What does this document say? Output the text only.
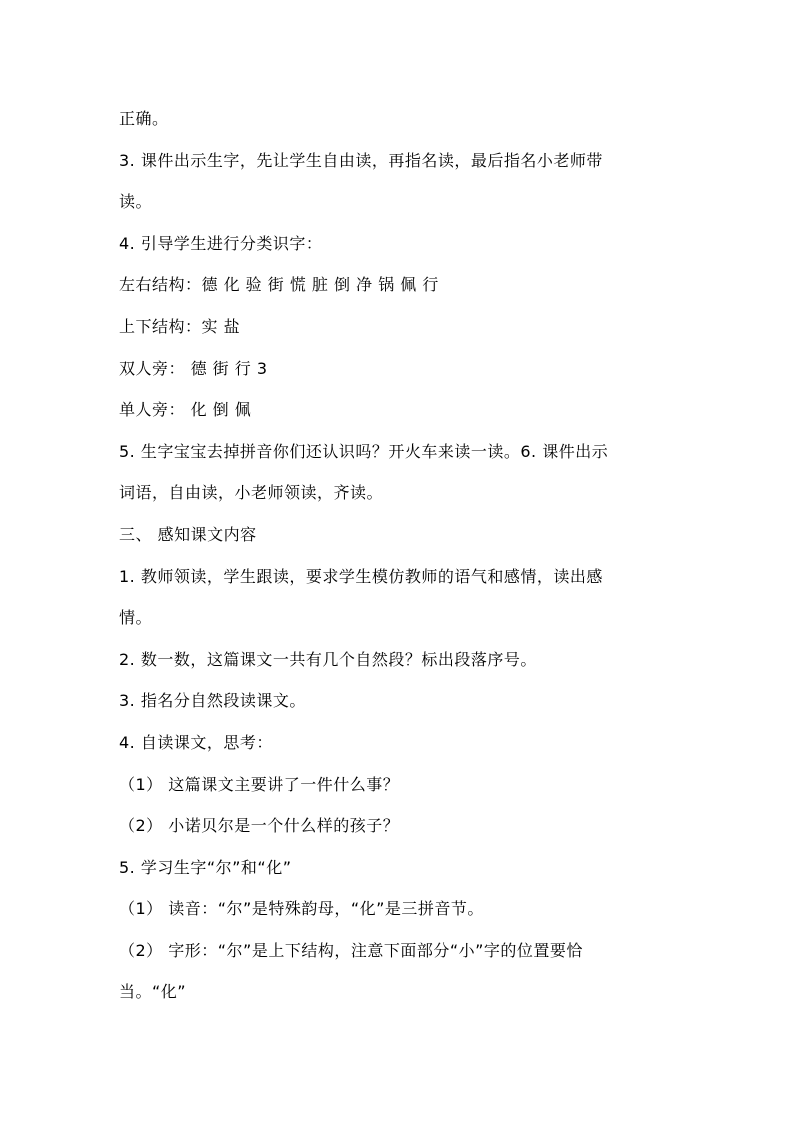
正确。
3. 课件出示生字，先让学生自由读，再指名读，最后指名小老师带
读。
4. 引导学生进行分类识字：
左右结构：德 化 验 街 慌 脏 倒 净 锅 佩 行
上下结构：实 盐
双人旁： 德 街 行 3
单人旁： 化 倒 佩
5. 生字宝宝去掉拼音你们还认识吗？开火车来读一读。6. 课件出示
词语，自由读，小老师领读，齐读。
三、 感知课文内容
1. 教师领读，学生跟读，要求学生模仿教师的语气和感情，读出感
情。
2. 数一数，这篇课文一共有几个自然段？标出段落序号。
3. 指名分自然段读课文。
4. 自读课文，思考：
（1） 这篇课文主要讲了一件什么事？
（2） 小诺贝尔是一个什么样的孩子？
5. 学习生字“尔”和“化”
（1） 读音：“尔”是特殊韵母，“化”是三拼音节。
（2） 字形：“尔”是上下结构，注意下面部分“小”字的位置要恰
当。“化”
